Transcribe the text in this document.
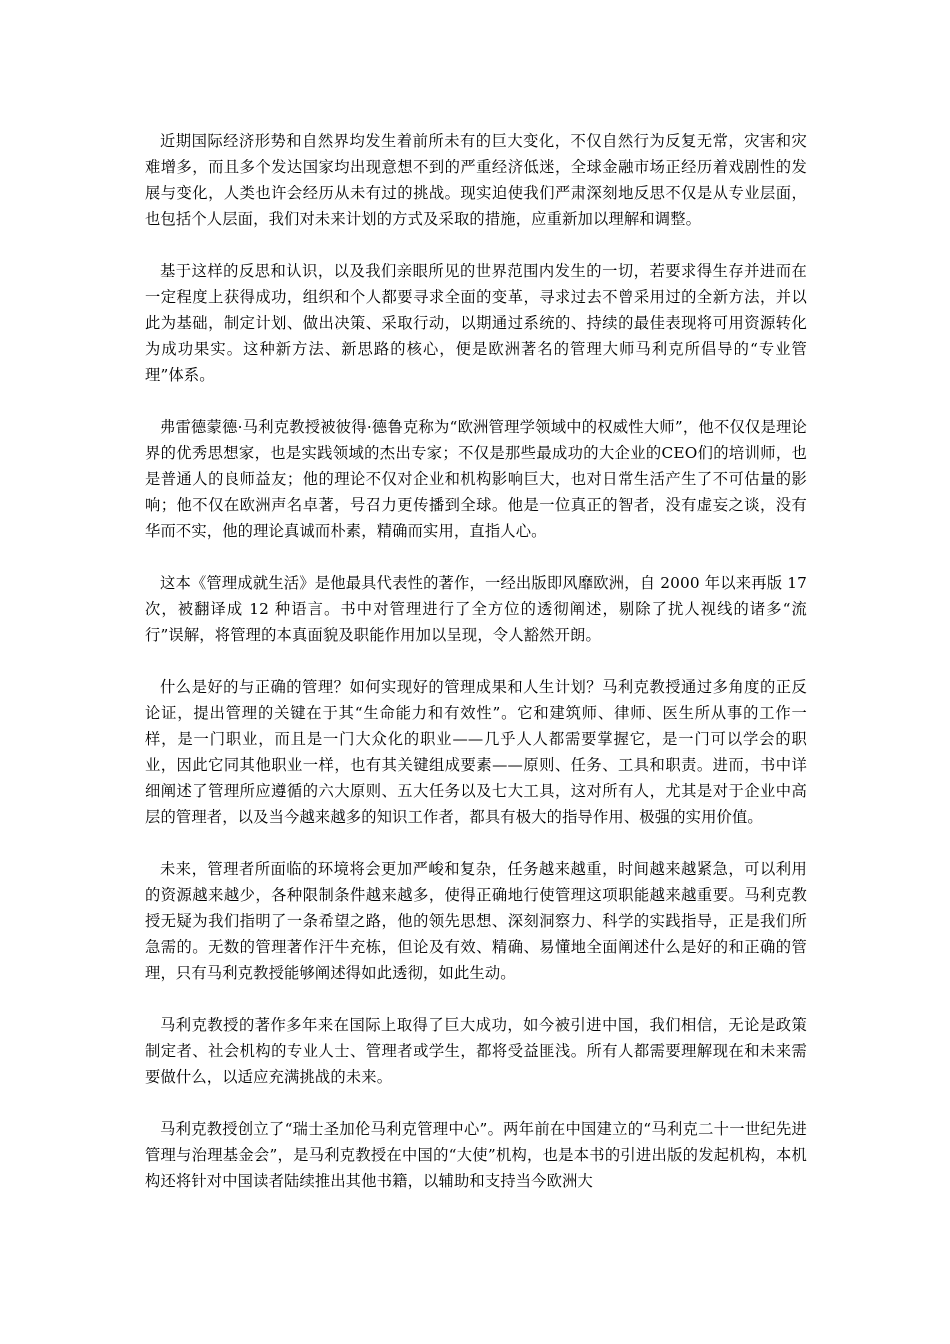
近期国际经济形势和自然界均发生着前所未有的巨大变化，不仅自然行为反复无常，灾害和灾难增多，而且多个发达国家均出现意想不到的严重经济低迷，全球金融市场正经历着戏剧性的发展与变化，人类也许会经历从未有过的挑战。现实迫使我们严肃深刻地反思不仅是从专业层面，也包括个人层面，我们对未来计划的方式及采取的措施，应重新加以理解和调整。

基于这样的反思和认识，以及我们亲眼所见的世界范围内发生的一切，若要求得生存并进而在一定程度上获得成功，组织和个人都要寻求全面的变革，寻求过去不曾采用过的全新方法，并以此为基础，制定计划、做出决策、采取行动，以期通过系统的、持续的最佳表现将可用资源转化为成功果实。这种新方法、新思路的核心，便是欧洲著名的管理大师马利克所倡导的“专业管理”体系。

弗雷德蒙德·马利克教授被彼得·德鲁克称为“欧洲管理学领域中的权威性大师”，他不仅仅是理论界的优秀思想家，也是实践领域的杰出专家；不仅是那些最成功的大企业的CEO们的培训师，也是普通人的良师益友；他的理论不仅对企业和机构影响巨大，也对日常生活产生了不可估量的影响；他不仅在欧洲声名卓著，号召力更传播到全球。他是一位真正的智者，没有虚妄之谈，没有华而不实，他的理论真诚而朴素，精确而实用，直指人心。

这本《管理成就生活》是他最具代表性的著作，一经出版即风靡欧洲，自 2000 年以来再版 17 次，被翻译成 12 种语言。书中对管理进行了全方位的透彻阐述，剔除了扰人视线的诸多“流行”误解，将管理的本真面貌及职能作用加以呈现，令人豁然开朗。

什么是好的与正确的管理？如何实现好的管理成果和人生计划？马利克教授通过多角度的正反论证，提出管理的关键在于其“生命能力和有效性”。它和建筑师、律师、医生所从事的工作一样，是一门职业，而且是一门大众化的职业——几乎人人都需要掌握它，是一门可以学会的职业，因此它同其他职业一样，也有其关键组成要素——原则、任务、工具和职责。进而，书中详细阐述了管理所应遵循的六大原则、五大任务以及七大工具，这对所有人，尤其是对于企业中高层的管理者，以及当今越来越多的知识工作者，都具有极大的指导作用、极强的实用价值。

未来，管理者所面临的环境将会更加严峻和复杂，任务越来越重，时间越来越紧急，可以利用的资源越来越少，各种限制条件越来越多，使得正确地行使管理这项职能越来越重要。马利克教授无疑为我们指明了一条希望之路，他的领先思想、深刻洞察力、科学的实践指导，正是我们所急需的。无数的管理著作汗牛充栋，但论及有效、精确、易懂地全面阐述什么是好的和正确的管理，只有马利克教授能够阐述得如此透彻，如此生动。

马利克教授的著作多年来在国际上取得了巨大成功，如今被引进中国，我们相信，无论是政策制定者、社会机构的专业人士、管理者或学生，都将受益匪浅。所有人都需要理解现在和未来需要做什么，以适应充满挑战的未来。

马利克教授创立了“瑞士圣加伦马利克管理中心”。两年前在中国建立的“马利克二十一世纪先进管理与治理基金会”，是马利克教授在中国的“大使”机构，也是本书的引进出版的发起机构，本机构还将针对中国读者陆续推出其他书籍，以辅助和支持当今欧洲大
